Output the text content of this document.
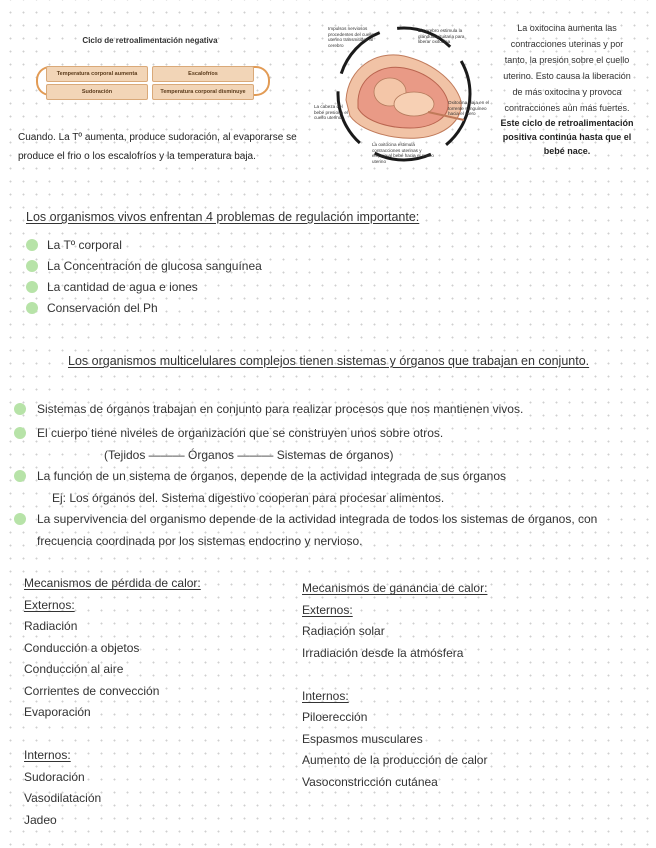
Ciclo de retroalimentación negativa
Temperatura corporal aumenta	Escalofríos
Sudoración	Temperatura corporal disminuye
Cuando. La Tº aumenta, produce sudoración, al evaporarse se
produce el frio o los escalofríos y la temperatura baja.
Impulsos nerviosos procedentes del cuello uterino transmitidos al cerebro
El cerebro estimula la glándula pituitaria para liberar oxitocina
Oxitocina viaja en el torrente sanguíneo hacia el útero
La oxitocina estimula contracciones uterinas y empuja al bebé hacia el cuello uterino
La cabeza del bebé presiona el cuello uterino
La oxitocina aumenta las
contracciones uterinas y por
tanto, la presión sobre el cuello
uterino. Esto causa la liberación
de más oxitocina y provoca
contracciones aún más fuertes.
Este ciclo de retroalimentación
positiva continúa hasta que el
bebé nace.
Los organismos vivos enfrentan 4 problemas de regulación importante:
La Tº corporal
La Concentración de glucosa sanguínea
La cantidad de agua e iones
Conservación del Ph
Los organismos multicelulares complejos tienen sistemas y órganos que trabajan en conjunto.
Sistemas de órganos trabajan en conjunto para realizar procesos que nos mantienen vivos.
El cuerpo tiene niveles de organización que se construyen unos sobre otros.
(Tejidos ——— Órganos ——— Sistemas de órganos)
La función de un sistema de órganos, depende de la actividad integrada de sus órganos
Ej: Los órganos del. Sistema digestivo cooperan para procesar alimentos.
La supervivencia del organismo depende de la actividad integrada de todos los sistemas de órganos, con
frecuencia coordinada por los sistemas endocrino y nervioso.
Mecanismos de pérdida de calor:
Externos:
Radiación
Conducción a objetos
Conducción al aire
Corrientes de convección
Evaporación
Internos:
Sudoración
Vasodilatación
Jadeo
Mecanismos de ganancia de calor:
Externos:
Radiación solar
Irradiación desde la atmósfera
Internos:
Piloerección
Espasmos musculares
Aumento de la producción de calor
Vasoconstricción cutánea
